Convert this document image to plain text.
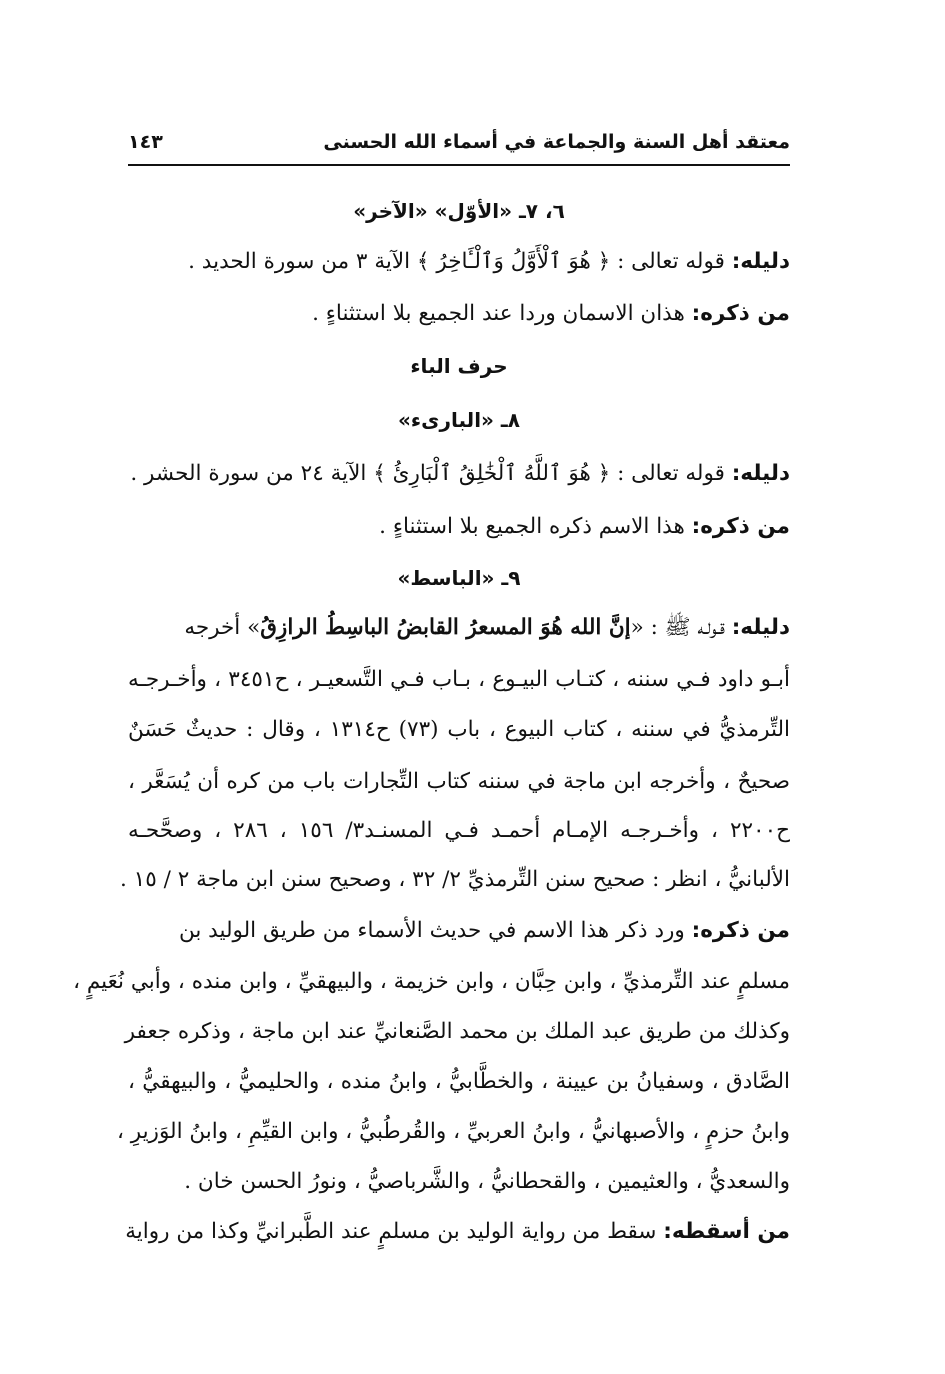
معتقد أهل السنة والجماعة في أسماء الله الحسنى
١٤٣
٦، ٧ـ «الأوّل» «الآخر»
دليله: قوله تعالى : ﴿ هُوَ ٱلْأَوَّلُ وَٱلْـَٔاخِرُ ﴾ الآية ٣ من سورة الحديد .
من ذكره: هذان الاسمان وردا عند الجميع بلا استثناءٍ .
حرف الباء
٨ـ «البارىء»
دليله: قوله تعالى : ﴿ هُوَ ٱللَّهُ ٱلْخَٰلِقُ ٱلْبَارِئُ ﴾ الآية ٢٤ من سورة الحشر .
من ذكره: هذا الاسم ذكره الجميع بلا استثناءٍ .
٩ـ «الباسط»
دليله: قـولـه ﷺ : «إنَّ الله هُوَ المسعرُ القابضُ الباسِطُ الرازِقُ» أخرجه
أبـو داود فـي سننه ، كتـاب البيـوع ، بـاب فـي التَّسعيـر ، ح٣٤٥١ ، وأخـرجـه
التِّرمذيُّ في سننه ، كتاب البيوع ، باب (٧٣) ح١٣١٤ ، وقال : حديثٌ حَسَنٌ
صحيحٌ ، وأخرجه ابن ماجة في سننه كتاب التِّجارات باب من كره أن يُسَعَّر ،
ح٢٢٠٠ ، وأخـرجـه الإمـام أحمـد فـي المسنـد٣/ ١٥٦ ، ٢٨٦ ، وصحَّحـه
الألبانيُّ ، انظر : صحيح سنن التِّرمذيِّ ٢/ ٣٢ ، وصحيح سنن ابن ماجة ٢ / ١٥ .
من ذكره: ورد ذكر هذا الاسم في حديث الأسماء من طريق الوليد بن
مسلمٍ عند التِّرمذيِّ ، وابن حِبَّان ، وابن خزيمة ، والبيهقيِّ ، وابن منده ، وأبي نُعَيمٍ ،
وكذلك من طريق عبد الملك بن محمد الصَّنعانيِّ عند ابن ماجة ، وذكره جعفر
الصَّادق ، وسفيانُ بن عيينة ، والخطَّابيُّ ، وابنُ منده ، والحليميُّ ، والبيهقيُّ ،
وابنُ حزمٍ ، والأصبهانيُّ ، وابنُ العربيِّ ، والقُرطُبيُّ ، وابن القيِّمِ ، وابنُ الوَزيرِ ،
والسعديُّ ، والعثيمين ، والقحطانيُّ ، والشَّرباصيُّ ، ونورُ الحسن خان .
من أسقطه: سقط من رواية الوليد بن مسلمٍ عند الطَّبرانيِّ وكذا من رواية
